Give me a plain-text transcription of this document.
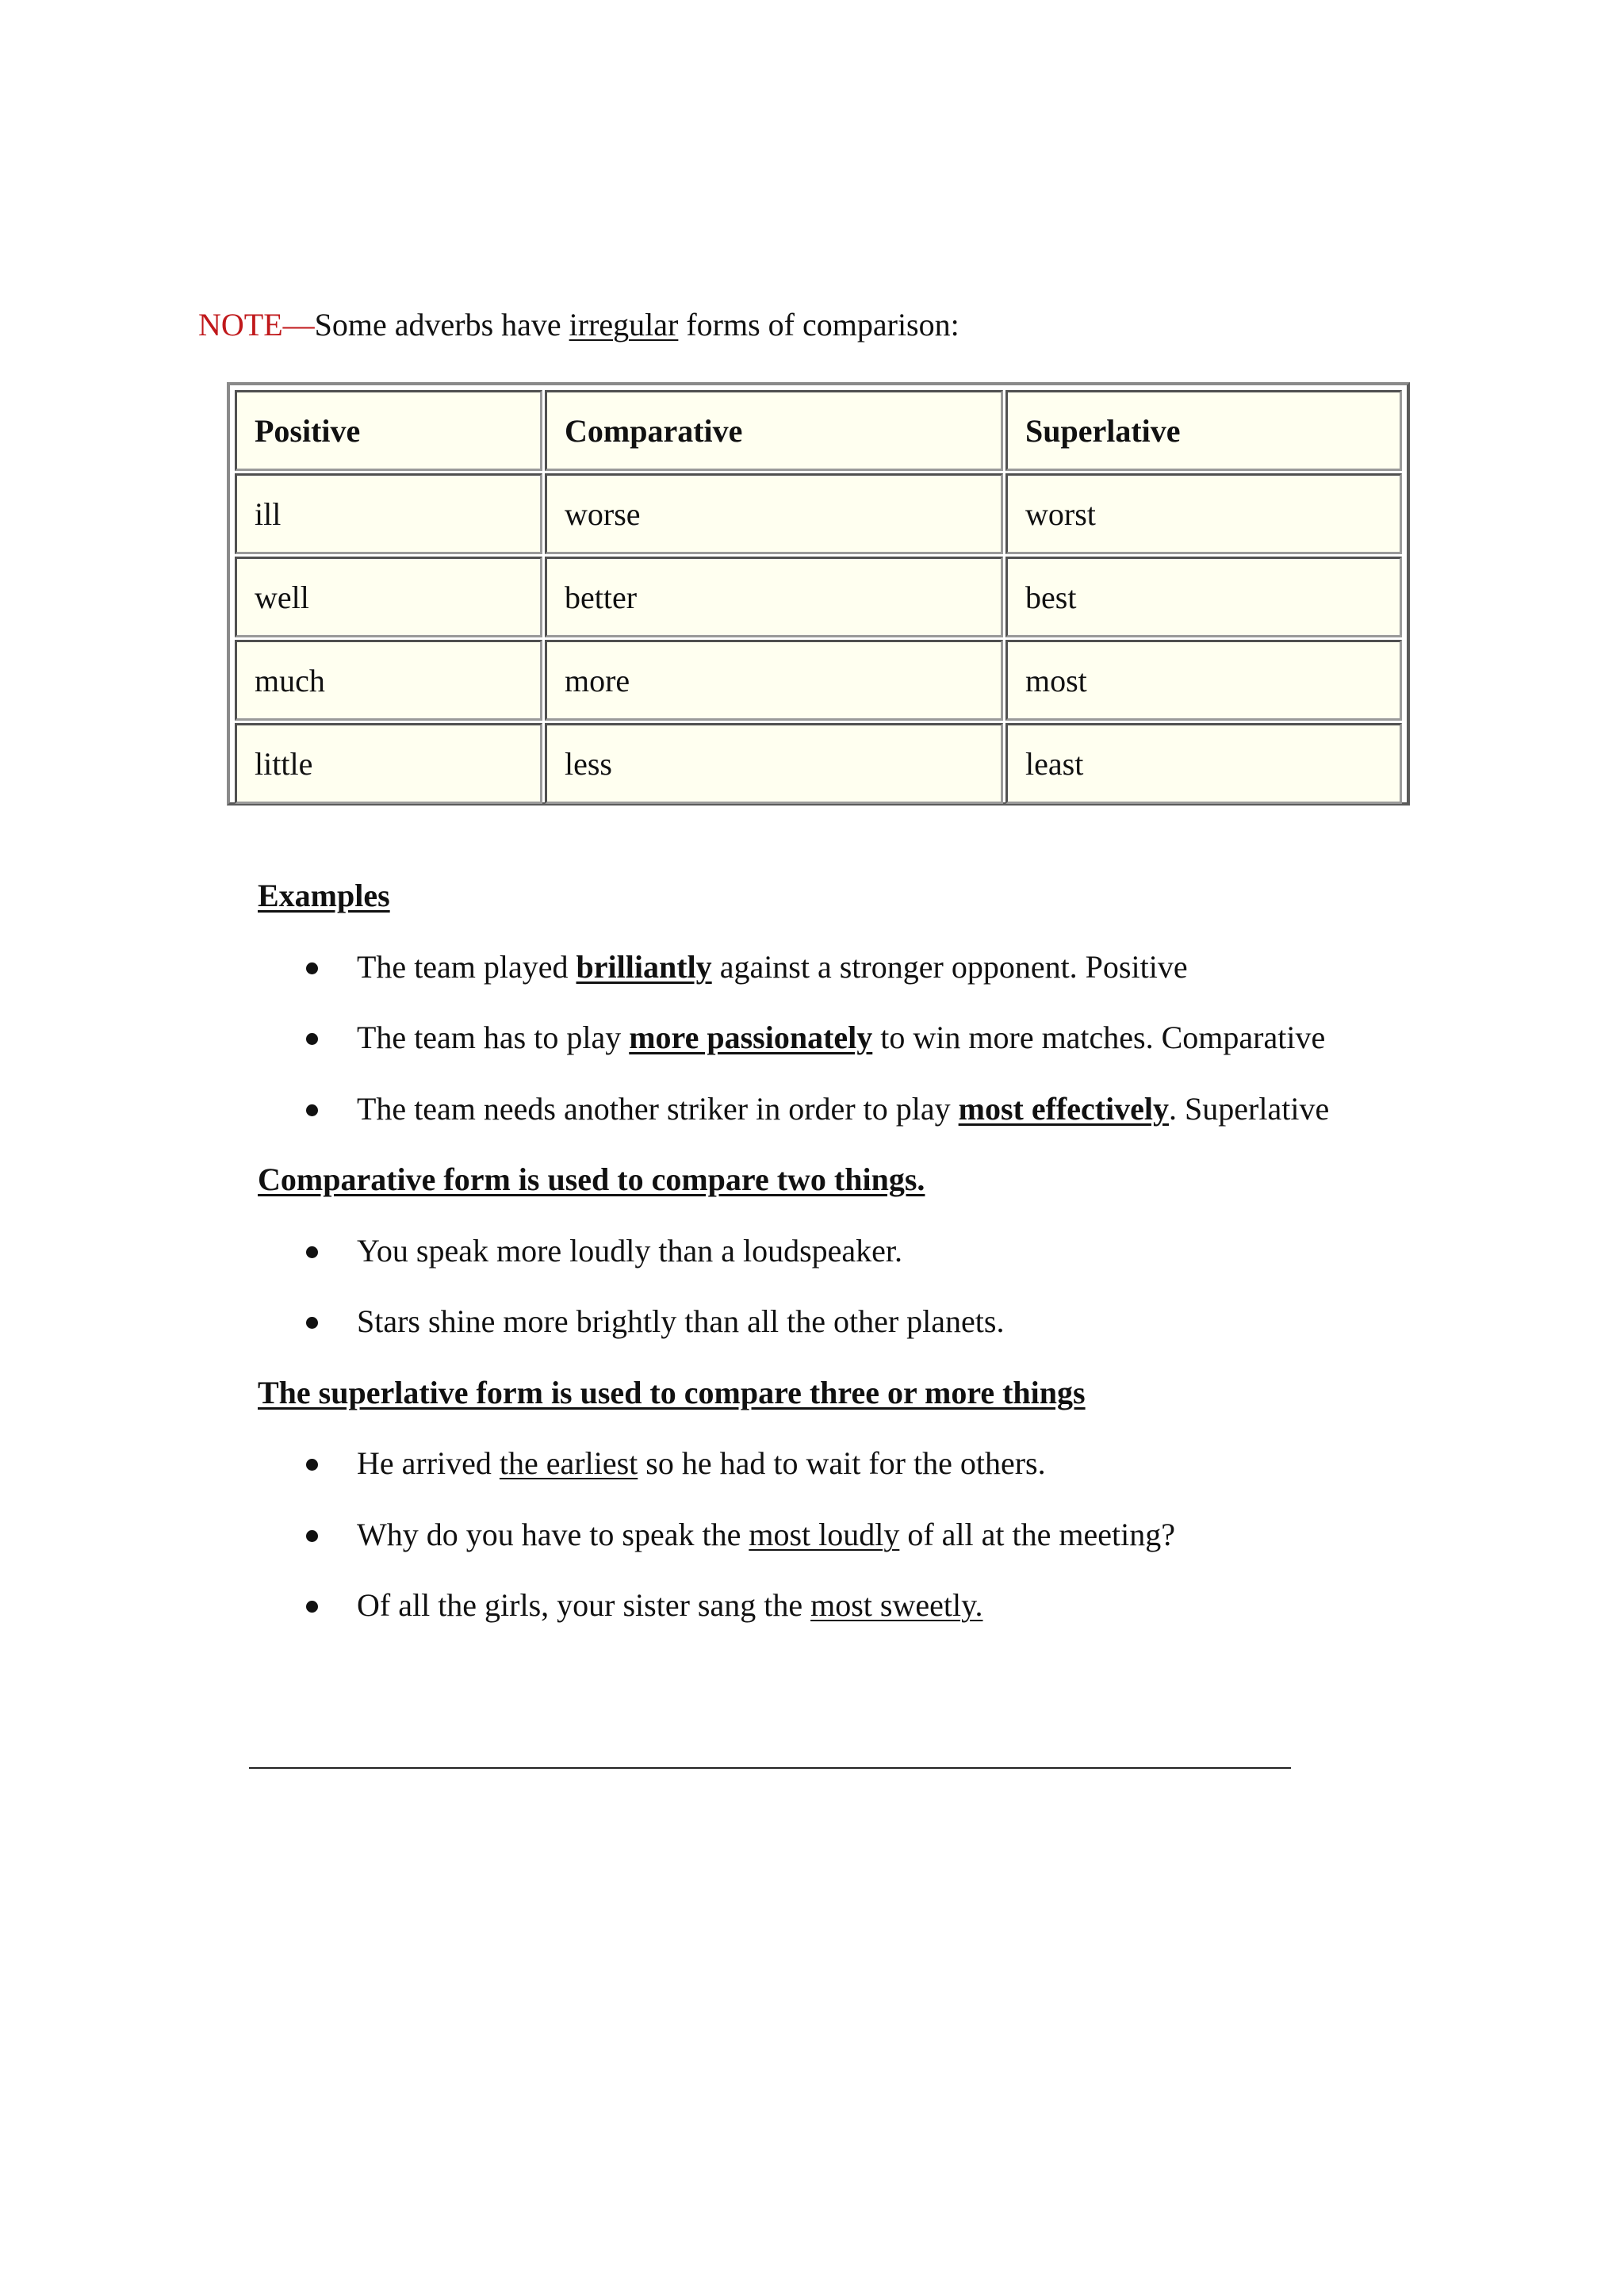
NOTE—Some adverbs have irregular forms of comparison:
Positive	Comparative	Superlative
ill	worse	worst
well	better	best
much	more	most
little	less	least
Examples
The team played brilliantly against a stronger opponent. Positive
The team has to play more passionately to win more matches. Comparative
The team needs another striker in order to play most effectively. Superlative
Comparative form is used to compare two things.
You speak more loudly than a loudspeaker.
Stars shine more brightly than all the other planets.
The superlative form is used to compare three or more things
He arrived the earliest so he had to wait for the others.
Why do you have to speak the most loudly of all at the meeting?
Of all the girls, your sister sang the most sweetly.
